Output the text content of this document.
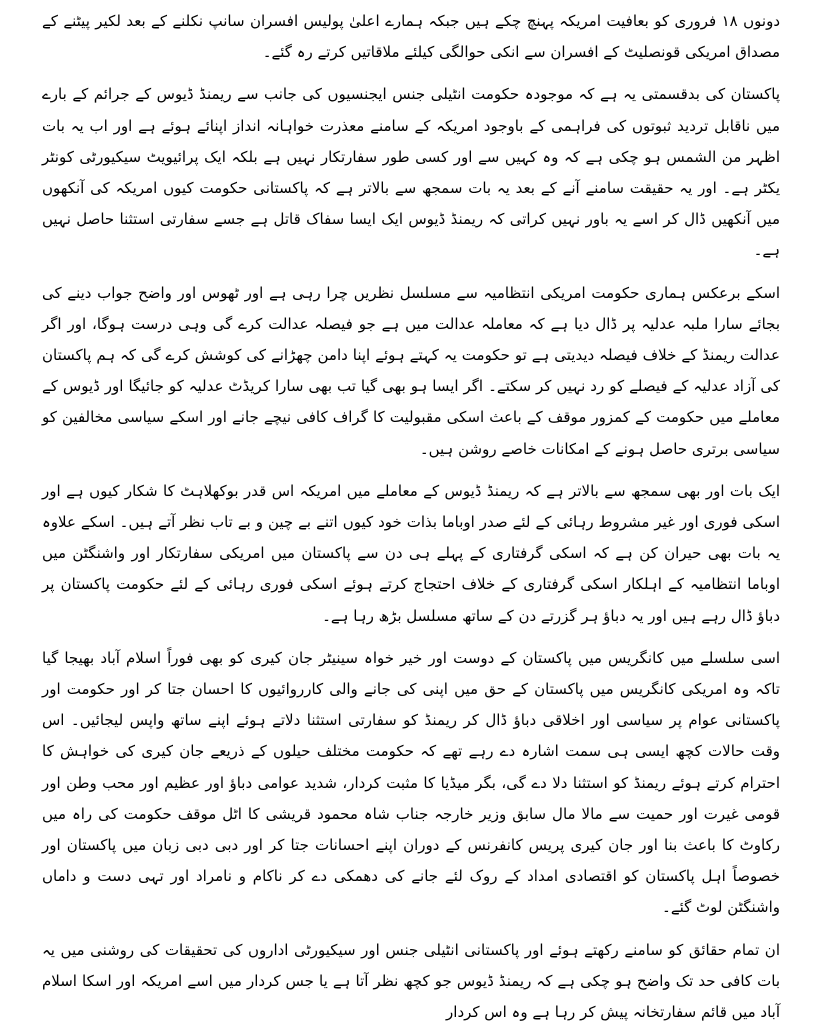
دونوں ۱۸ فروری کو بعافیت امریکہ پہنچ چکے ہیں جبکہ ہمارے اعلیٰ پولیس افسران سانپ نکلنے کے بعد لکیر پیٹنے کے مصداق امریکی قونصلیٹ کے افسران سے انکی حوالگی کیلئے ملاقاتیں کرتے رہ گئے۔

پاکستان کی بدقسمتی یہ ہے کہ موجودہ حکومت انٹیلی جنس ایجنسیوں کی جانب سے ریمنڈ ڈیوس کے جرائم کے بارے میں ناقابل تردید ثبوتوں کی فراہمی کے باوجود امریکہ کے سامنے معذرت خواہانہ انداز اپنائے ہوئے ہے اور اب یہ بات اظہر من الشمس ہو چکی ہے کہ وہ کہیں سے اور کسی طور سفارتکار نہیں ہے بلکہ ایک پرائیویٹ سیکیورٹی کونٹر یکٹر ہے۔ اور یہ حقیقت سامنے آنے کے بعد یہ بات سمجھ سے بالاتر ہے کہ پاکستانی حکومت کیوں امریکہ کی آنکھوں میں آنکھیں ڈال کر اسے یہ باور نہیں کراتی کہ ریمنڈ ڈیوس ایک ایسا سفاک قاتل ہے جسے سفارتی استثنا حاصل نہیں ہے۔

اسکے برعکس ہماری حکومت امریکی انتظامیہ سے مسلسل نظریں چرا رہی ہے اور ٹھوس اور واضح جواب دینے کی بجائے سارا ملبہ عدلیہ پر ڈال دیا ہے کہ معاملہ عدالت میں ہے جو فیصلہ عدالت کرے گی وہی درست ہوگا، اور اگر عدالت ریمنڈ کے خلاف فیصلہ دیدیتی ہے تو حکومت یہ کہتے ہوئے اپنا دامن چھڑانے کی کوشش کرے گی کہ ہم پاکستان کی آزاد عدلیہ کے فیصلے کو رد نہیں کر سکتے۔ اگر ایسا ہو بھی گیا تب بھی سارا کریڈٹ عدلیہ کو جائیگا اور ڈیوس کے معاملے میں حکومت کے کمزور موقف کے باعث اسکی مقبولیت کا گراف کافی نیچے جانے اور اسکے سیاسی مخالفین کو سیاسی برتری حاصل ہونے کے امکانات خاصے روشن ہیں۔

ایک بات اور بھی سمجھ سے بالاتر ہے کہ ریمنڈ ڈیوس کے معاملے میں امریکہ اس قدر بوکھلاہٹ کا شکار کیوں ہے اور اسکی فوری اور غیر مشروط رہائی کے لئے صدر اوباما بذات خود کیوں اتنے بے چین و بے تاب نظر آتے ہیں۔ اسکے علاوہ یہ بات بھی حیران کن ہے کہ اسکی گرفتاری کے پہلے ہی دن سے پاکستان میں امریکی سفارتکار اور واشنگٹن میں اوباما انتظامیہ کے اہلکار اسکی گرفتاری کے خلاف احتجاج کرتے ہوئے اسکی فوری رہائی کے لئے حکومت پاکستان پر دباؤ ڈال رہے ہیں اور یہ دباؤ ہر گزرتے دن کے ساتھ مسلسل بڑھ رہا ہے۔

اسی سلسلے میں کانگریس میں پاکستان کے دوست اور خیر خواہ سینیٹر جان کیری کو بھی فوراً اسلام آباد بھیجا گیا تاکہ وہ امریکی کانگریس میں پاکستان کے حق میں اپنی کی جانے والی کارروائیوں کا احسان جتا کر اور حکومت اور پاکستانی عوام پر سیاسی اور اخلاقی دباؤ ڈال کر ریمنڈ کو سفارتی استثنا دلاتے ہوئے اپنے ساتھ واپس لیجائیں۔ اس وقت حالات کچھ ایسی ہی سمت اشارہ دے رہے تھے کہ حکومت مختلف حیلوں کے ذریعے جان کیری کی خواہش کا احترام کرتے ہوئے ریمنڈ کو استثنا دلا دے گی، بگر میڈیا کا مثبت کردار، شدید عوامی دباؤ اور عظیم اور محب وطن اور قومی غیرت اور حمیت سے مالا مال سابق وزیر خارجہ جناب شاہ محمود قریشی کا اٹل موقف حکومت کی راہ میں رکاوٹ کا باعث بنا اور جان کیری پریس کانفرنس کے دوران اپنے احسانات جتا کر اور دبی دبی زبان میں پاکستان اور خصوصاً اہل پاکستان کو اقتصادی امداد کے روک لئے جانے کی دھمکی دے کر ناکام و نامراد اور تہی دست و داماں واشنگٹن لوٹ گئے۔

ان تمام حقائق کو سامنے رکھتے ہوئے اور پاکستانی انٹیلی جنس اور سیکیورٹی اداروں کی تحقیقات کی روشنی میں یہ بات کافی حد تک واضح ہو چکی ہے کہ ریمنڈ ڈیوس جو کچھ نظر آتا ہے یا جس کردار میں اسے امریکہ اور اسکا اسلام آباد میں قائم سفارتخانہ پیش کر رہا ہے وہ اس کردار
